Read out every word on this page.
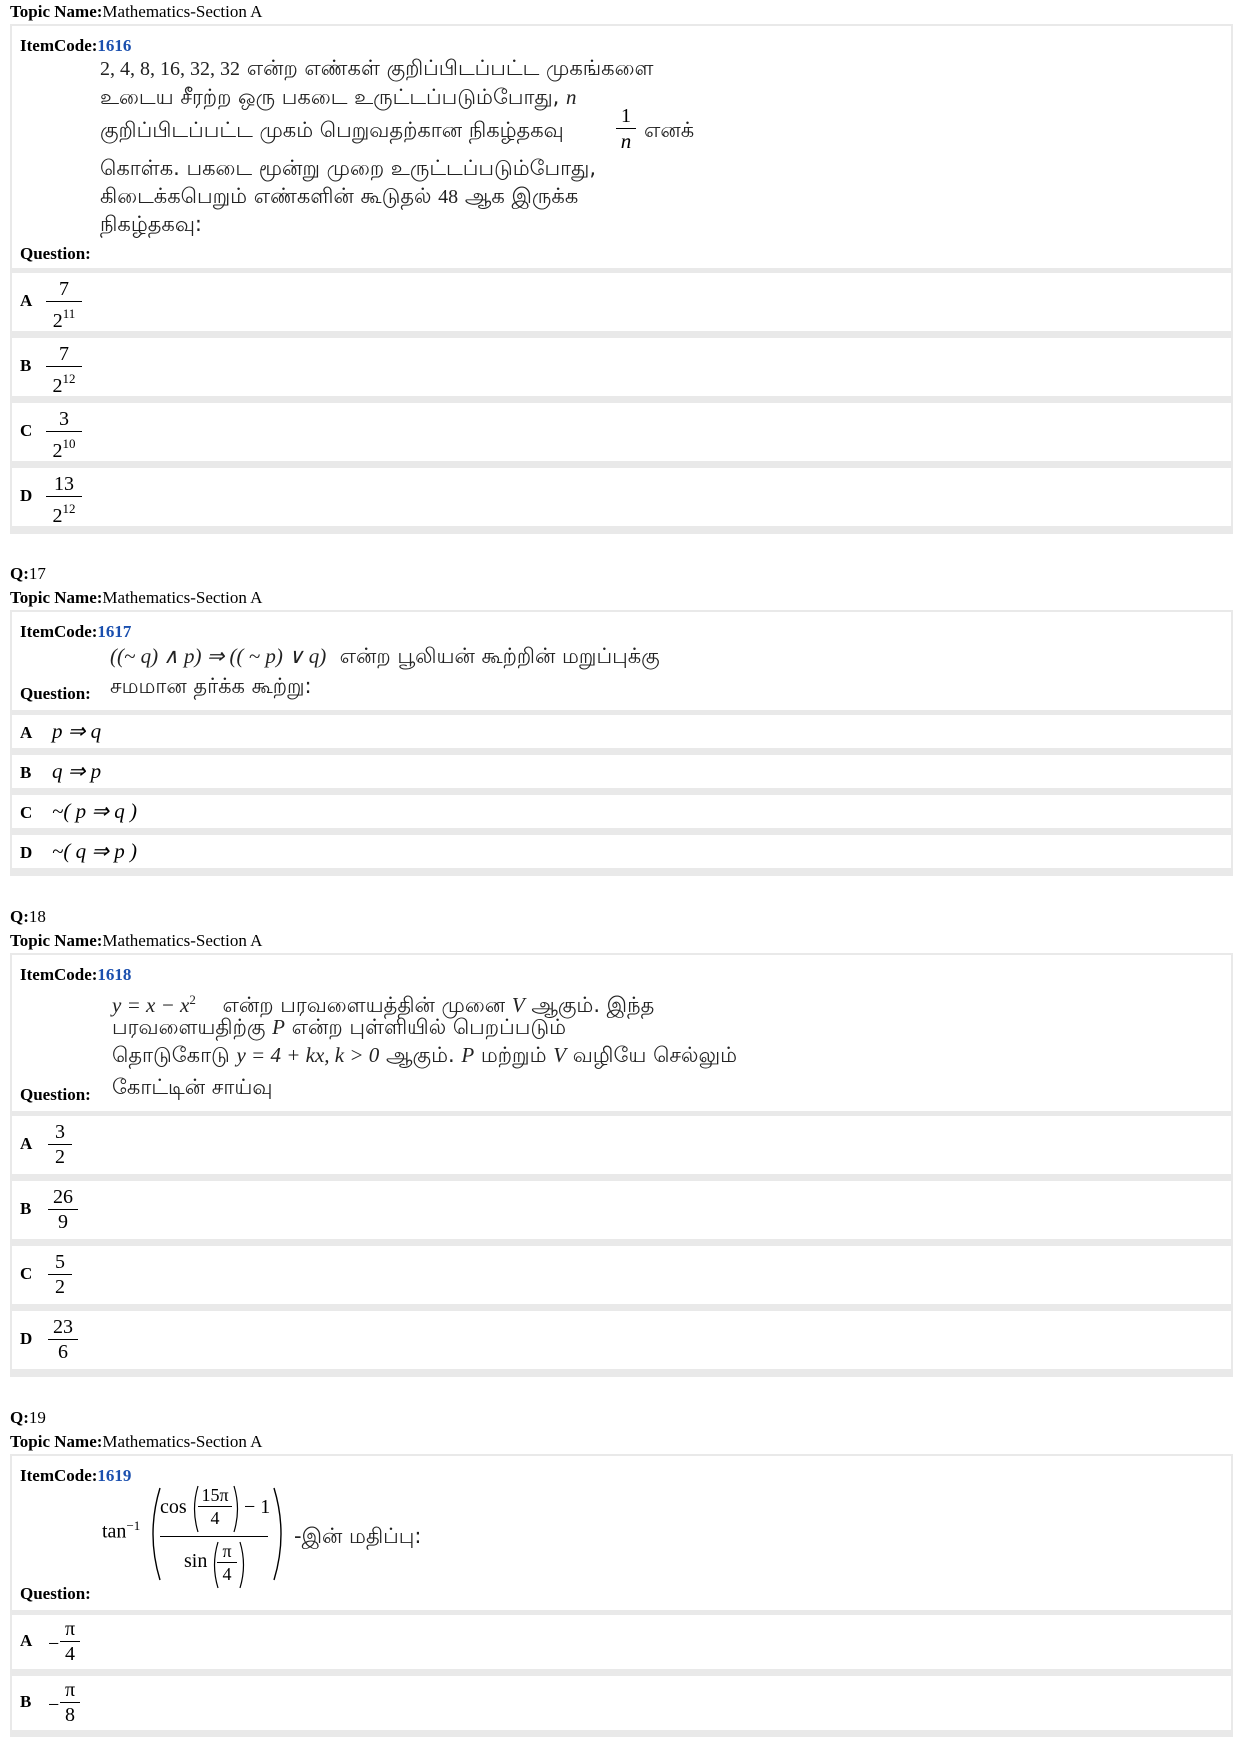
Topic Name:Mathematics-Section A
ItemCode:1616
Question:
2, 4, 8, 16, 32, 32 என்ற எண்கள் குறிப்பிடப்பட்ட முகங்களை
உடைய சீரற்ற ஒரு பகடை உருட்டப்படும்போது, n
குறிப்பிடப்பட்ட முகம் பெறுவதற்கான நிகழ்தகவு
1
n எனக்
கொள்க. பகடை மூன்று முறை உருட்டப்படும்போது,
கிடைக்கபெறும் எண்களின் கூடுதல் 48 ஆக இருக்க
நிகழ்தகவு:
A
7
$2^{11}$
B
7
$2^{12}$
C
3
$2^{10}$
D
13
$2^{12}$
Q:17
Topic Name:Mathematics-Section A
ItemCode:1617
Question:
((~ q) ∧ p) ⇒ (( ~ p) ∨ q) என்ற பூலியன் கூற்றின் மறுப்புக்கு
சமமான தர்க்க கூற்று:
A p ⇒ q
B q ⇒ p
C ~( p ⇒ q )
D ~( q ⇒ p )
Q:18
Topic Name:Mathematics-Section A
ItemCode:1618
Question:
$y = x - x^2$ என்ற பரவளையத்தின் முனை V ஆகும். இந்த
பரவளையதிற்கு P என்ற புள்ளியில் பெறப்படும்
தொடுகோடு y = 4 + kx, k > 0 ஆகும். P மற்றும் V வழியே செல்லும்
கோட்டின் சாய்வு
A
3
2
B
26
9
C
5
2
D
23
6
Q:19
Topic Name:Mathematics-Section A
ItemCode:1619
Question:
$\tan^{-1}$
cos
15π
4	− 1
sin π
4
-இன் மதிப்பு:
A −
π
4
B −
π
8
